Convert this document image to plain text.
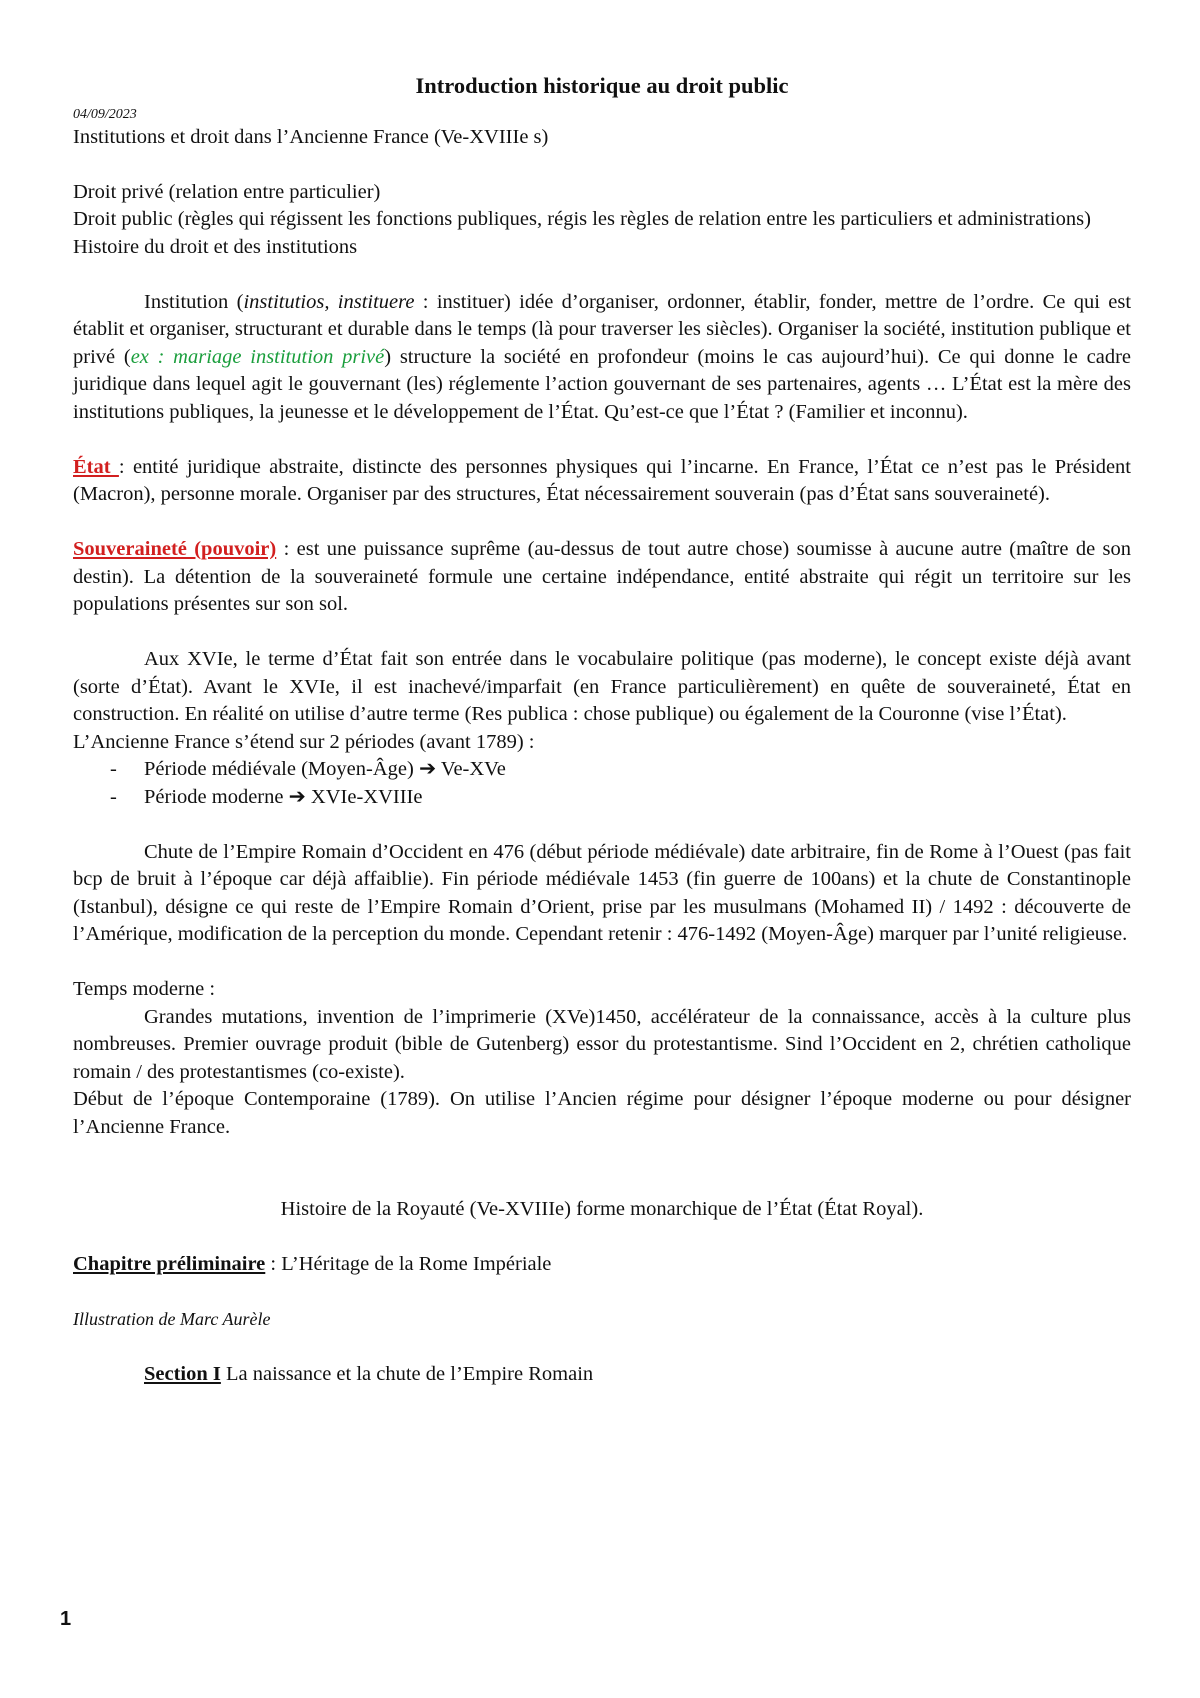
Introduction historique au droit public

04/09/2023

Institutions et droit dans l’Ancienne France (Ve-XVIIIe s)

Droit privé (relation entre particulier)

Droit public (règles qui régissent les fonctions publiques, régis les règles de relation entre les particuliers et administrations)

Histoire du droit et des institutions

Institution (institutios, instituere : instituer) idée d’organiser, ordonner, établir, fonder, mettre de l’ordre. Ce qui est établit et organiser, structurant et durable dans le temps (là pour traverser les siècles). Organiser la société, institution publique et privé (ex : mariage institution privé) structure la société en profondeur (moins le cas aujourd’hui). Ce qui donne le cadre juridique dans lequel agit le gouvernant (les) réglemente l’action gouvernant de ses partenaires, agents … L’État est la mère des institutions publiques, la jeunesse et le développement de l’État. Qu’est-ce que l’État ? (Familier et inconnu).

État : entité juridique abstraite, distincte des personnes physiques qui l’incarne. En France, l’État ce n’est pas le Président (Macron), personne morale. Organiser par des structures, État nécessairement souverain (pas d’État sans souveraineté).

Souveraineté (pouvoir) : est une puissance suprême (au-dessus de tout autre chose) soumisse à aucune autre (maître de son destin). La détention de la souveraineté formule une certaine indépendance, entité abstraite qui régit un territoire sur les populations présentes sur son sol.

Aux XVIe, le terme d’État fait son entrée dans le vocabulaire politique (pas moderne), le concept existe déjà avant (sorte d’État). Avant le XVIe, il est inachevé/imparfait (en France particulièrement) en quête de souveraineté, État en construction. En réalité on utilise d’autre terme (Res publica : chose publique) ou également de la Couronne (vise l’État).

L’Ancienne France s’étend sur 2 périodes (avant 1789) :

- Période médiévale (Moyen-Âge) ➔ Ve-XVe
- Période moderne ➔ XVIe-XVIIIe

Chute de l’Empire Romain d’Occident en 476 (début période médiévale) date arbitraire, fin de Rome à l’Ouest (pas fait bcp de bruit à l’époque car déjà affaiblie). Fin période médiévale 1453 (fin guerre de 100ans) et la chute de Constantinople (Istanbul), désigne ce qui reste de l’Empire Romain d’Orient, prise par les musulmans (Mohamed II) / 1492 : découverte de l’Amérique, modification de la perception du monde. Cependant retenir : 476-1492 (Moyen-Âge) marquer par l’unité religieuse.

Temps moderne :

Grandes mutations, invention de l’imprimerie (XVe)1450, accélérateur de la connaissance, accès à la culture plus nombreuses. Premier ouvrage produit (bible de Gutenberg) essor du protestantisme. Sind l’Occident en 2, chrétien catholique romain / des protestantismes (co-existe).

Début de l’époque Contemporaine (1789). On utilise l’Ancien régime pour désigner l’époque moderne ou pour désigner l’Ancienne France.

Histoire de la Royauté (Ve-XVIIIe) forme monarchique de l’État (État Royal).

Chapitre préliminaire : L’Héritage de la Rome Impériale

Illustration de Marc Aurèle

Section I La naissance et la chute de l’Empire Romain

1
